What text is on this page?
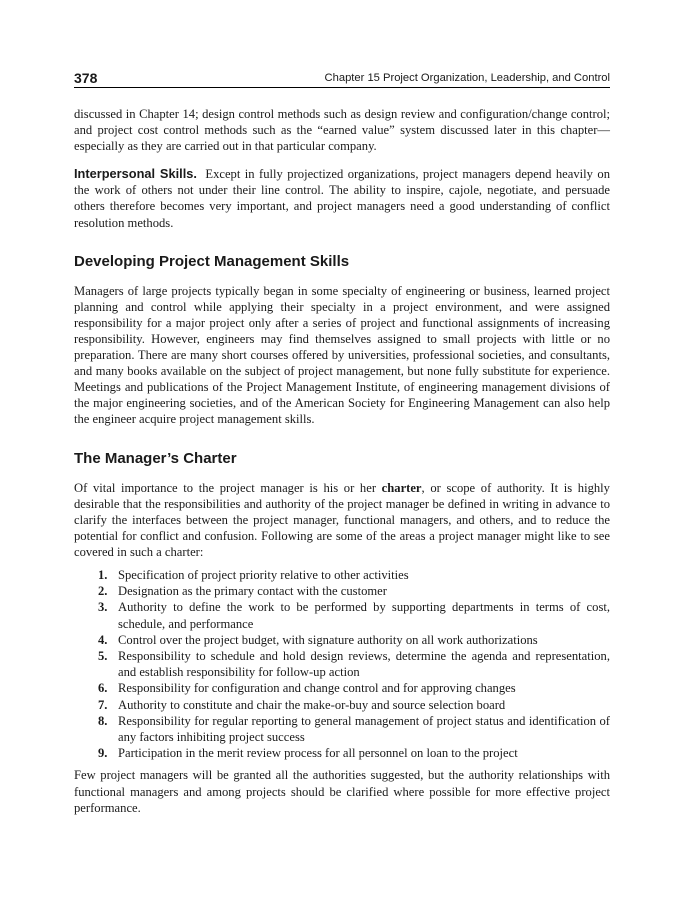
378	Chapter 15 Project Organization, Leadership, and Control

discussed in Chapter 14; design control methods such as design review and configuration/change control; and project cost control methods such as the “earned value” system discussed later in this chapter—especially as they are carried out in that particular company.

Interpersonal Skills. Except in fully projectized organizations, project managers depend heavily on the work of others not under their line control. The ability to inspire, cajole, negotiate, and persuade others therefore becomes very important, and project managers need a good understanding of conflict resolution methods.

Developing Project Management Skills

Managers of large projects typically began in some specialty of engineering or business, learned project planning and control while applying their specialty in a project environment, and were assigned responsibility for a major project only after a series of project and functional assignments of increasing responsibility. However, engineers may find themselves assigned to small projects with little or no preparation. There are many short courses offered by universities, professional societies, and consultants, and many books available on the subject of project management, but none fully substitute for experience. Meetings and publications of the Project Management Institute, of engineering management divisions of the major engineering societies, and of the American Society for Engineering Management can also help the engineer acquire project management skills.

The Manager’s Charter

Of vital importance to the project manager is his or her charter, or scope of authority. It is highly desirable that the responsibilities and authority of the project manager be defined in writing in advance to clarify the interfaces between the project manager, functional managers, and others, and to reduce the potential for conflict and confusion. Following are some of the areas a project manager might like to see covered in such a charter:

1. Specification of project priority relative to other activities
2. Designation as the primary contact with the customer
3. Authority to define the work to be performed by supporting departments in terms of cost, schedule, and performance
4. Control over the project budget, with signature authority on all work authorizations
5. Responsibility to schedule and hold design reviews, determine the agenda and representation, and establish responsibility for follow-up action
6. Responsibility for configuration and change control and for approving changes
7. Authority to constitute and chair the make-or-buy and source selection board
8. Responsibility for regular reporting to general management of project status and identification of any factors inhibiting project success
9. Participation in the merit review process for all personnel on loan to the project

Few project managers will be granted all the authorities suggested, but the authority relationships with functional managers and among projects should be clarified where possible for more effective project performance.
